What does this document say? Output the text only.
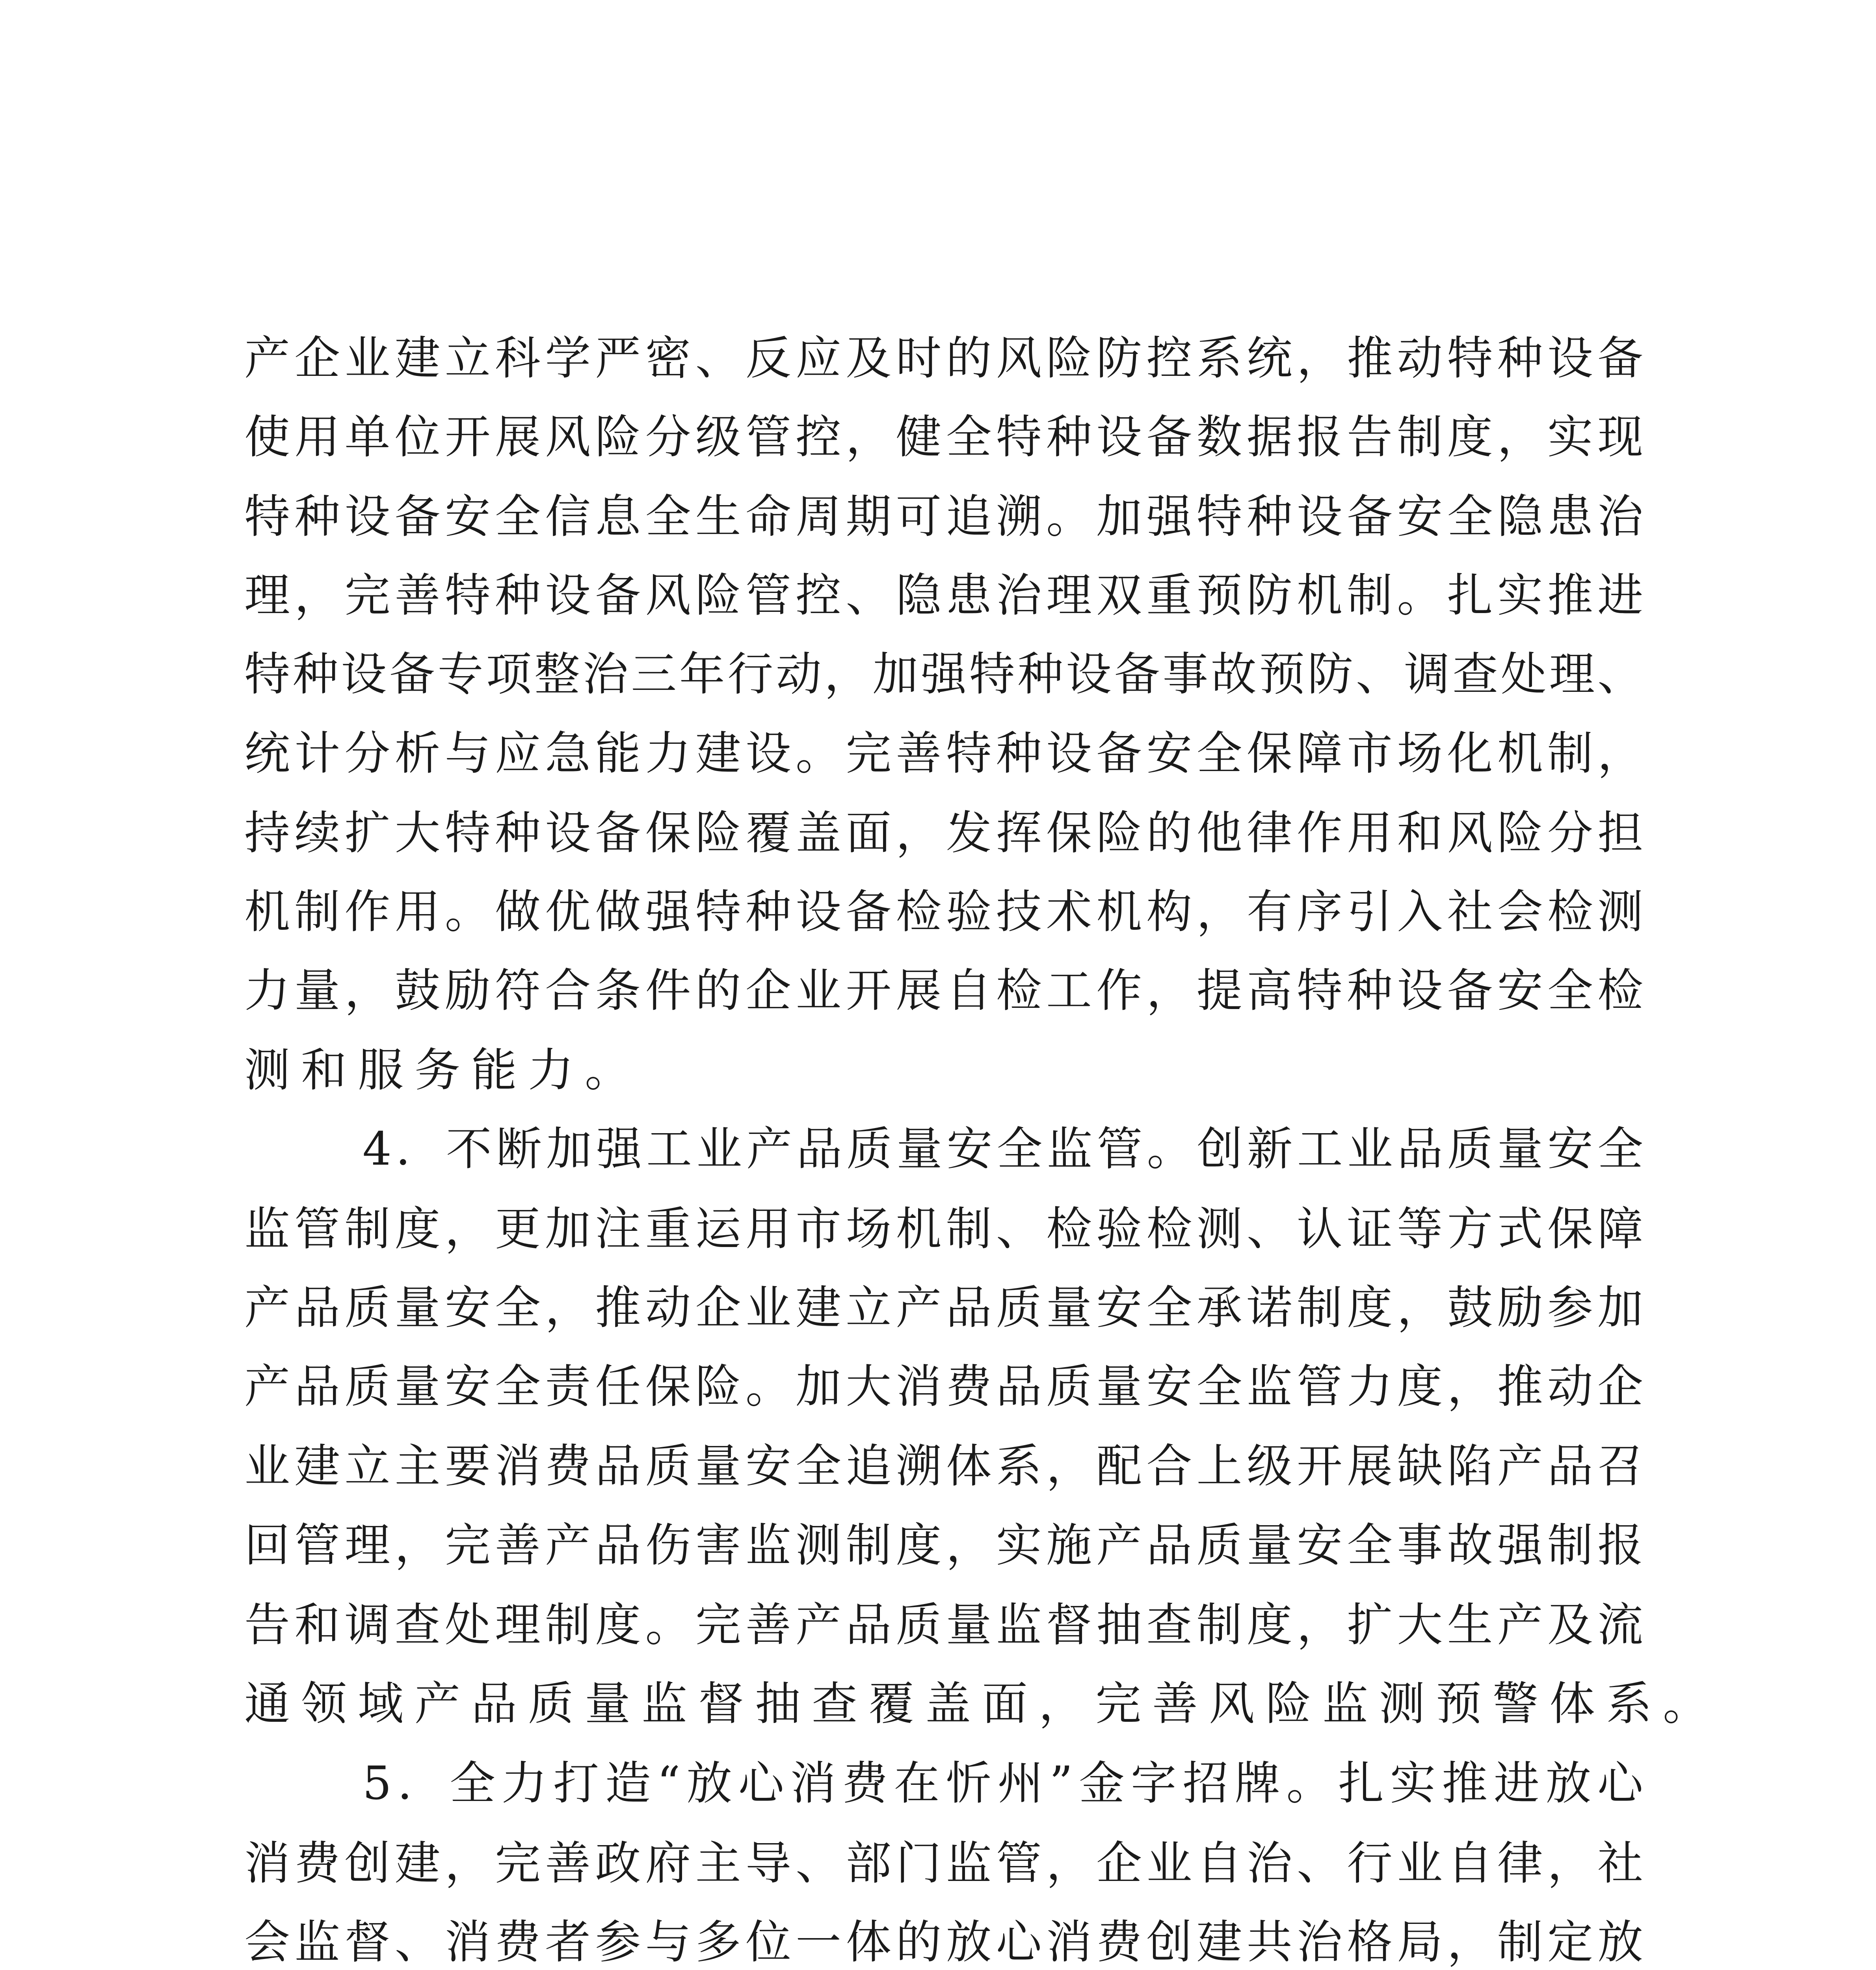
产企业建立科学严密、反应及时的风险防控系统，推动特种设备
使用单位开展风险分级管控，健全特种设备数据报告制度，实现
特种设备安全信息全生命周期可追溯。加强特种设备安全隐患治
理，完善特种设备风险管控、隐患治理双重预防机制。扎实推进
特种设备专项整治三年行动，加强特种设备事故预防、调查处理、
统计分析与应急能力建设。完善特种设备安全保障市场化机制，
持续扩大特种设备保险覆盖面，发挥保险的他律作用和风险分担
机制作用。做优做强特种设备检验技术机构，有序引入社会检测
力量，鼓励符合条件的企业开展自检工作，提高特种设备安全检
测和服务能力。
4．不断加强工业产品质量安全监管。创新工业品质量安全
监管制度，更加注重运用市场机制、检验检测、认证等方式保障
产品质量安全，推动企业建立产品质量安全承诺制度，鼓励参加
产品质量安全责任保险。加大消费品质量安全监管力度，推动企
业建立主要消费品质量安全追溯体系，配合上级开展缺陷产品召
回管理，完善产品伤害监测制度，实施产品质量安全事故强制报
告和调查处理制度。完善产品质量监督抽查制度，扩大生产及流
通领域产品质量监督抽查覆盖面，完善风险监测预警体系。
5．全力打造“放心消费在忻州”金字招牌。扎实推进放心
消费创建，完善政府主导、部门监管，企业自治、行业自律，社
会监督、消费者参与多位一体的放心消费创建共治格局，制定放
